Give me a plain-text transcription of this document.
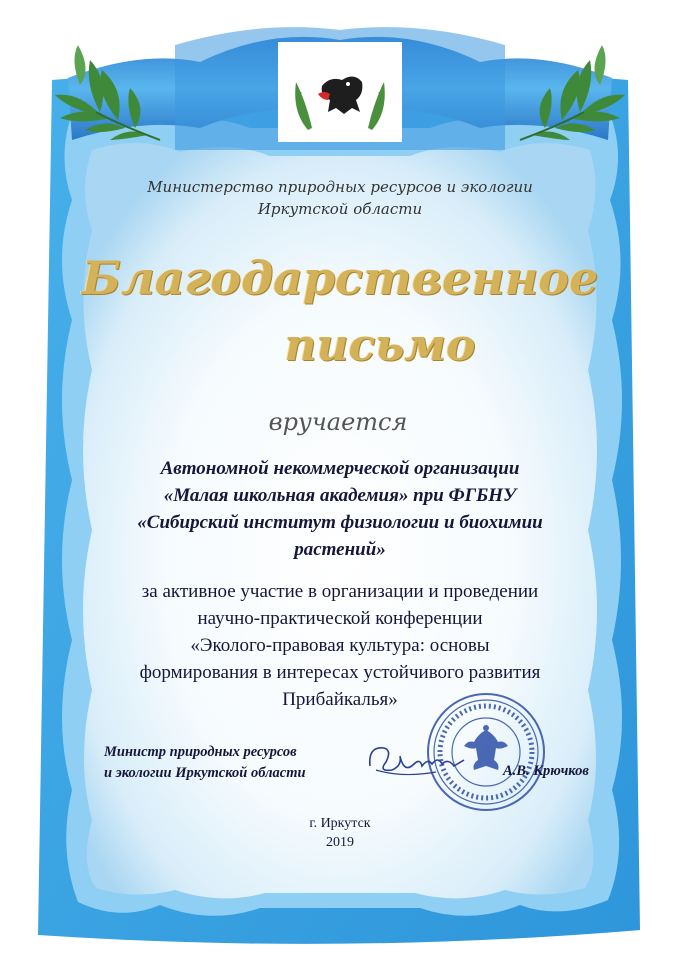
Министерство природных ресурсов и экологии
Иркутской области
Благодарственное
письмо
вручается
Автономной некоммерческой организации
«Малая школьная академия» при ФГБНУ
«Сибирский институт физиологии и биохимии
растений»
за активное участие в организации и проведении
научно-практической конференции
«Эколого-правовая культура: основы
формирования в интересах устойчивого развития
Прибайкалья»
Министр природных ресурсов
и экологии Иркутской области	А.В. Крючков
г. Иркутск
2019
